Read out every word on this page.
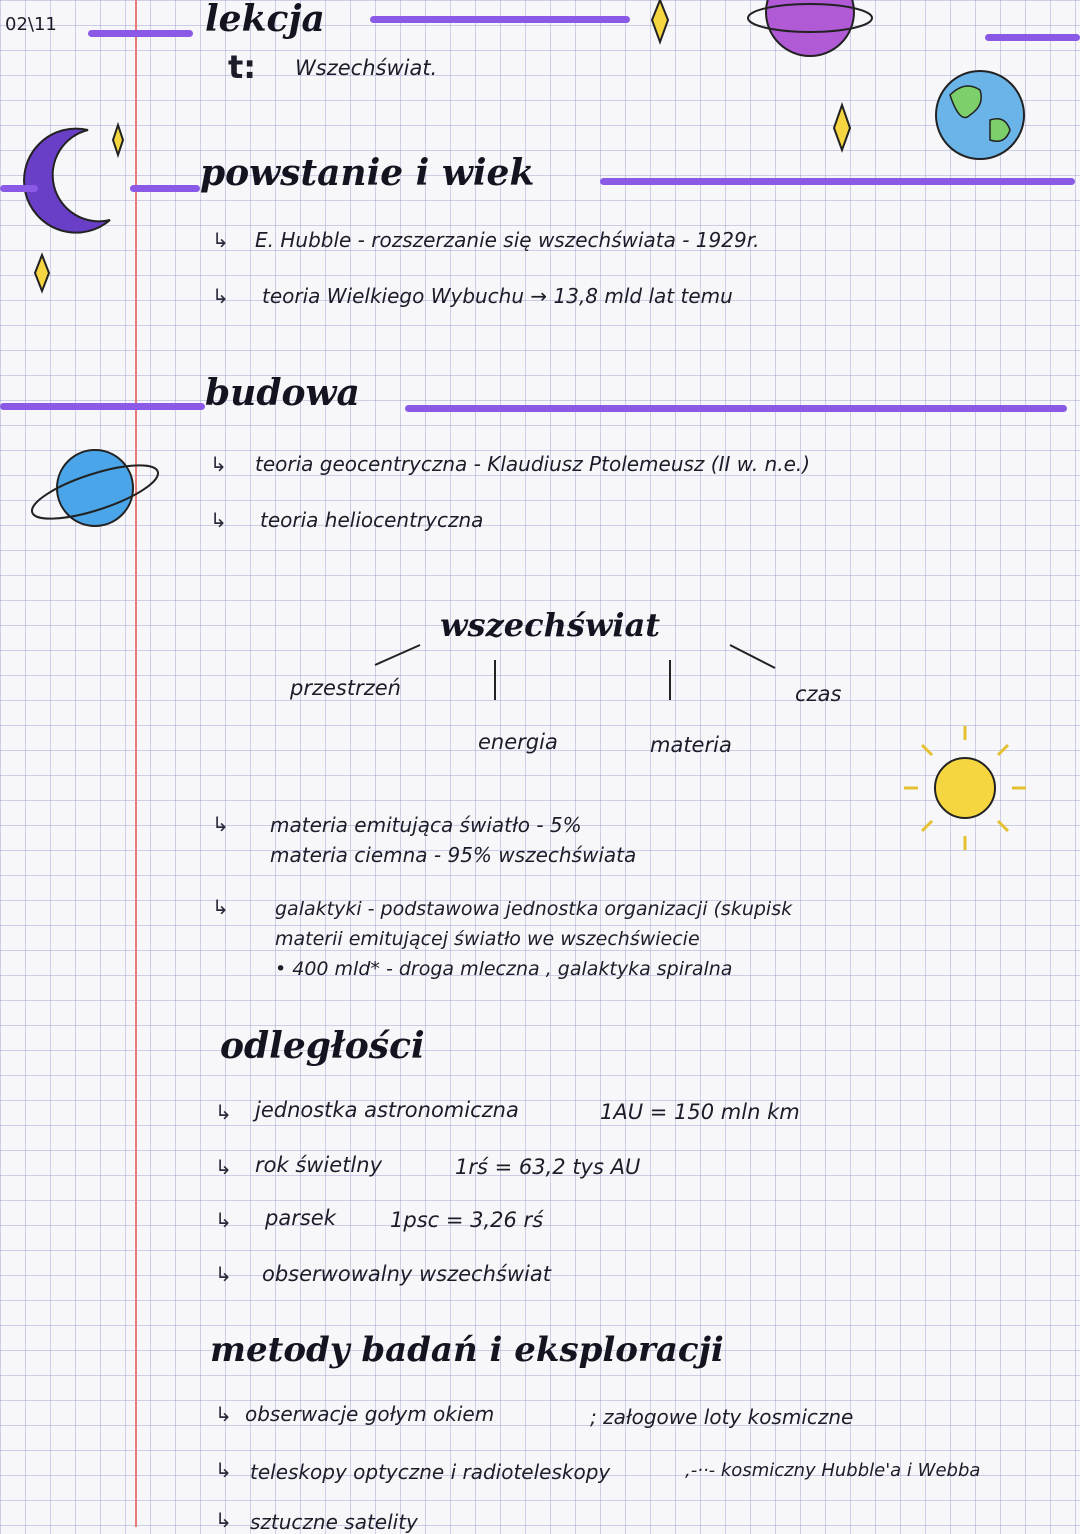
02\11	lekcja
t: Wszechświat.
powstanie i wiek
↳ E. Hubble - rozszerzanie się wszechświata - 1929r.
↳ teoria Wielkiego Wybuchu → 13,8 mld lat temu
budowa
↳ teoria geocentryczna - Klaudiusz Ptolemeusz (II w. n.e.)
↳ teoria heliocentryczna
wszechświat
przestrzeń
energia	materia
czas
↳ materia emitująca światło - 5%
materia ciemna - 95% wszechświata
↳ galaktyki - podstawowa jednostka organizacji (skupisk
materii emitującej światło we wszechświecie
• 400 mld* - droga mleczna , galaktyka spiralna
odległości
↳ jednostka astronomiczna	1AU = 150 mln km
↳ rok świetlny	1rś = 63,2 tys AU
↳ parsek	1psc = 3,26 rś
↳ obserwowalny wszechświat
metody badań i eksploracji
↳ obserwacje gołym okiem	; załogowe loty kosmiczne
↳ teleskopy optyczne i radioteleskopy	,-··- kosmiczny Hubble'a i Webba
↳ sztuczne satelity
